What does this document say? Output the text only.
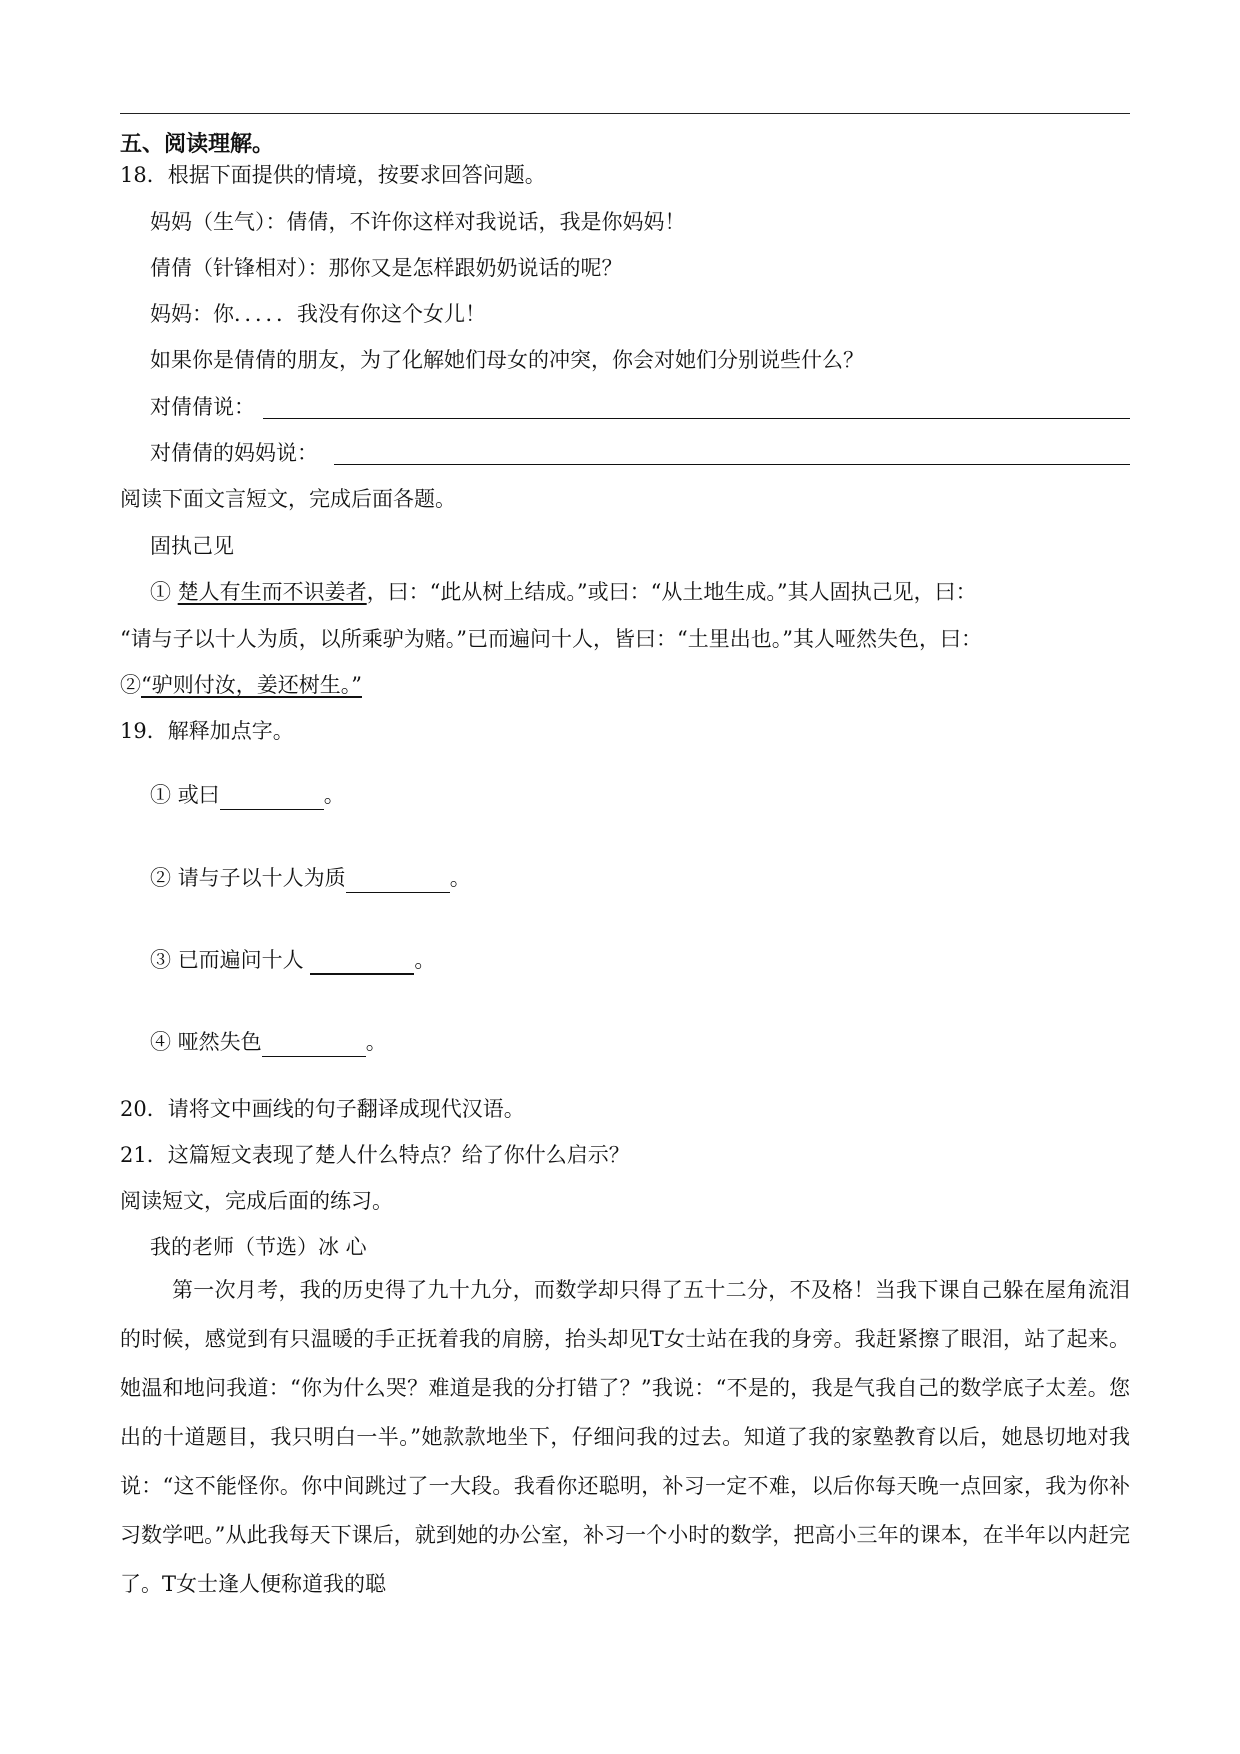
五、阅读理解。
18．根据下面提供的情境，按要求回答问题。
妈妈（生气）：倩倩，不许你这样对我说话，我是你妈妈！
倩倩（针锋相对）：那你又是怎样跟奶奶说话的呢？
妈妈：你．．．．．我没有你这个女儿！
如果你是倩倩的朋友，为了化解她们母女的冲突，你会对她们分别说些什么？
对倩倩说：
对倩倩的妈妈说：
阅读下面文言短文，完成后面各题。
固执己见
① 楚人有生而不识姜者，曰：“此从树上结成。”或曰：“从土地生成。”其人固执己见，曰：
“请与子以十人为质，以所乘驴为赌。”已而遍问十人，皆曰：“土里出也。”其人哑然失色，曰：
②“驴则付汝，姜还树生。”
19．解释加点字。
① 或曰	。
② 请与子以十人为质	。
③ 已而遍问十人	。
④ 哑然失色	。
20．请将文中画线的句子翻译成现代汉语。
21．这篇短文表现了楚人什么特点？给了你什么启示？
阅读短文，完成后面的练习。
我的老师（节选）冰 心
第一次月考，我的历史得了九十九分，而数学却只得了五十二分，不及格！当我下课自己躲在屋角流泪的时候，感觉到有只温暖的手正抚着我的肩膀，抬头却见T女士站在我的身旁。我赶紧擦了眼泪，站了起来。她温和地问我道：“你为什么哭？难道是我的分打错了？”我说：“不是的，我是气我自己的数学底子太差。您出的十道题目，我只明白一半。”她款款地坐下，仔细问我的过去。知道了我的家塾教育以后，她恳切地对我说：“这不能怪你。你中间跳过了一大段。我看你还聪明，补习一定不难，以后你每天晚一点回家，我为你补习数学吧。”从此我每天下课后，就到她的办公室，补习一个小时的数学，把高小三年的课本，在半年以内赶完了。T女士逢人便称道我的聪
